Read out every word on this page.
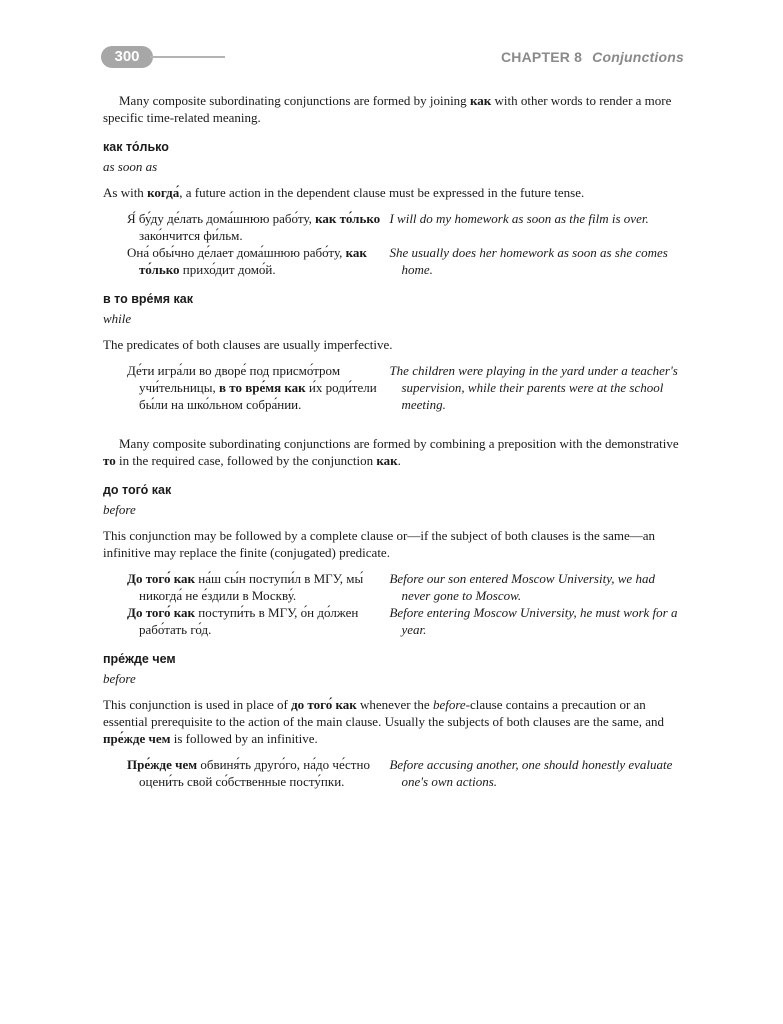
300	CHAPTER 8 Conjunctions

Many composite subordinating conjunctions are formed by joining как with other words to render a more specific time-related meaning.

как то́лько

as soon as

As with когда́, a future action in the dependent clause must be expressed in the future tense.

Я́ бу́ду де́лать дома́шнюю рабо́ту, как то́лько зако́нчится фи́льм.
I will do my homework as soon as the film is over.
Она́ обы́чно де́лает дома́шнюю рабо́ту, как то́лько прихо́дит домо́й.
She usually does her homework as soon as she comes home.

в то вре́мя как

while

The predicates of both clauses are usually imperfective.

Де́ти игра́ли во дворе́ под присмо́тром учи́тельницы, в то вре́мя как и́х роди́тели бы́ли на шко́льном собра́нии.
The children were playing in the yard under a teacher's supervision, while their parents were at the school meeting.

Many composite subordinating conjunctions are formed by combining a preposition with the demonstrative то in the required case, followed by the conjunction как.

до того́ как

before

This conjunction may be followed by a complete clause or—if the subject of both clauses is the same—an infinitive may replace the finite (conjugated) predicate.

До того́ как на́ш сы́н поступи́л в МГУ, мы́ никогда́ не е́здили в Москву́.
Before our son entered Moscow University, we had never gone to Moscow.
До того́ как поступи́ть в МГУ, о́н до́лжен рабо́тать го́д.
Before entering Moscow University, he must work for a year.

пре́жде чем

before

This conjunction is used in place of до того́ как whenever the before-clause contains a precaution or an essential prerequisite to the action of the main clause. Usually the subjects of both clauses are the same, and пре́жде чем is followed by an infinitive.

Пре́жде чем обвиня́ть друго́го, на́до че́стно оцени́ть свой со́бственные посту́пки.
Before accusing another, one should honestly evaluate one's own actions.
